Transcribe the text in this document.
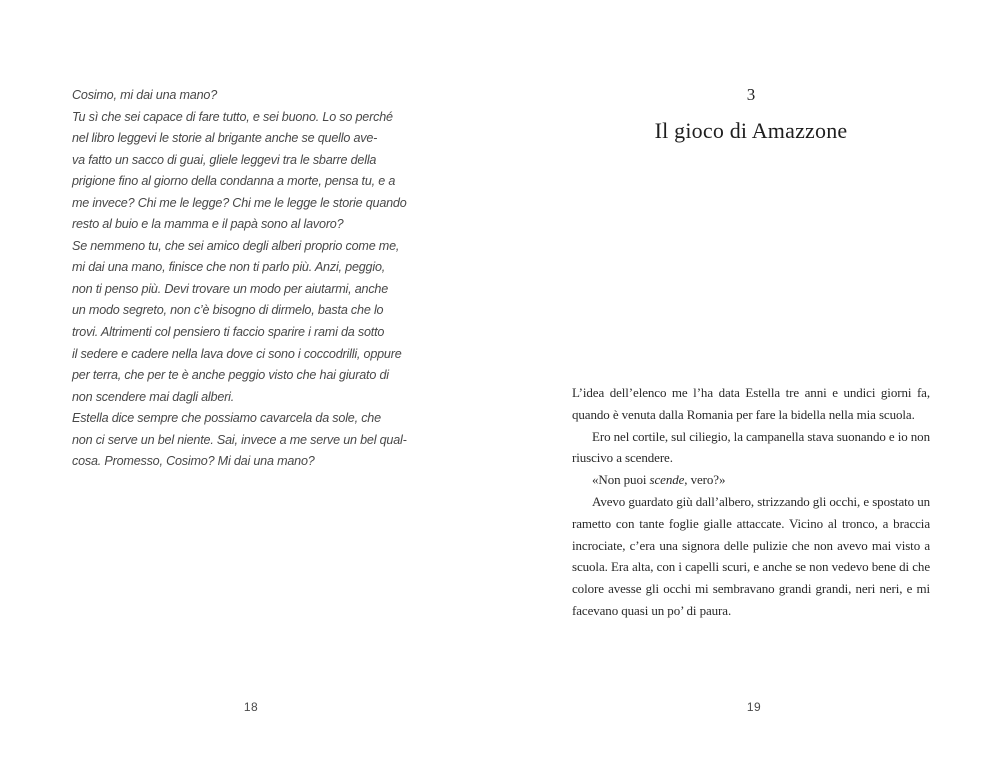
Cosimo, mi dai una mano?
Tu sì che sei capace di fare tutto, e sei buono. Lo so perché
nel libro leggevi le storie al brigante anche se quello ave-
va fatto un sacco di guai, gliele leggevi tra le sbarre della
prigione fino al giorno della condanna a morte, pensa tu, e a
me invece? Chi me le legge? Chi me le legge le storie quando
resto al buio e la mamma e il papà sono al lavoro?
Se nemmeno tu, che sei amico degli alberi proprio come me,
mi dai una mano, finisce che non ti parlo più. Anzi, peggio,
non ti penso più. Devi trovare un modo per aiutarmi, anche
un modo segreto, non c’è bisogno di dirmelo, basta che lo
trovi. Altrimenti col pensiero ti faccio sparire i rami da sotto
il sedere e cadere nella lava dove ci sono i coccodrilli, oppure
per terra, che per te è anche peggio visto che hai giurato di
non scendere mai dagli alberi.
Estella dice sempre che possiamo cavarcela da sole, che
non ci serve un bel niente. Sai, invece a me serve un bel qual-
cosa. Promesso, Cosimo? Mi dai una mano?
18
3
Il gioco di Amazzone

L’idea dell’elenco me l’ha data Estella tre anni e undici giorni fa, quando è venuta dalla Romania per fare la bidella nella mia scuola.

Ero nel cortile, sul ciliegio, la campanella stava suonando e io non riuscivo a scendere.

«Non puoi scende, vero?»

Avevo guardato giù dall’albero, strizzando gli occhi, e spostato un rametto con tante foglie gialle attaccate. Vicino al tronco, a braccia incrociate, c’era una signora delle pulizie che non avevo mai visto a scuola. Era alta, con i capelli scuri, e anche se non vedevo bene di che colore avesse gli occhi mi sembravano grandi grandi, neri neri, e mi facevano quasi un po’ di paura.

19
